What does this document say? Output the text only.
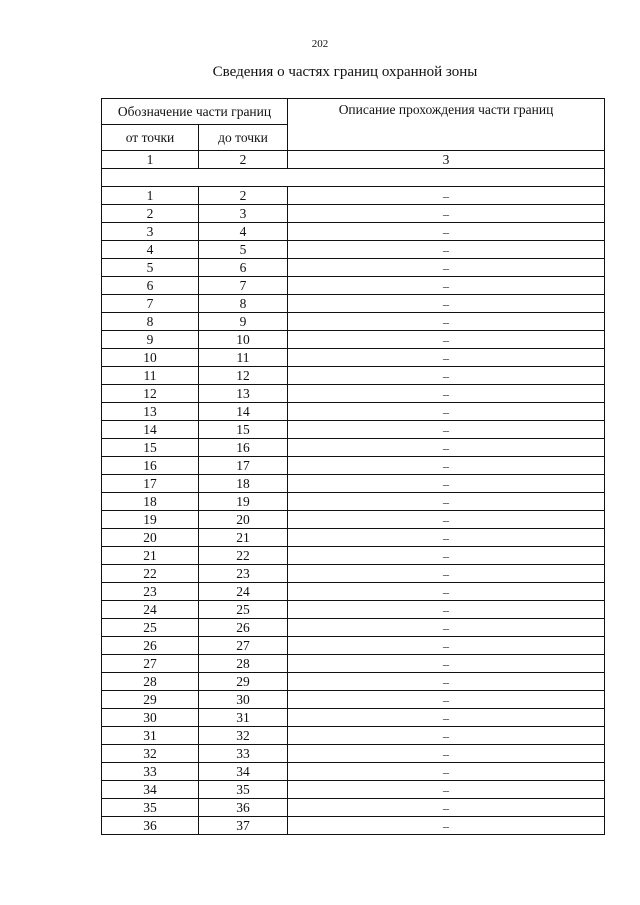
202
Сведения о частях границ охранной зоны
Обозначение части границ		Описание прохождения части границ
от точки	до точки	
1	2	3

1	2	–
2	3	–
3	4	–
4	5	–
5	6	–
6	7	–
7	8	–
8	9	–
9	10	–
10	11	–
11	12	–
12	13	–
13	14	–
14	15	–
15	16	–
16	17	–
17	18	–
18	19	–
19	20	–
20	21	–
21	22	–
22	23	–
23	24	–
24	25	–
25	26	–
26	27	–
27	28	–
28	29	–
29	30	–
30	31	–
31	32	–
32	33	–
33	34	–
34	35	–
35	36	–
36	37	–
